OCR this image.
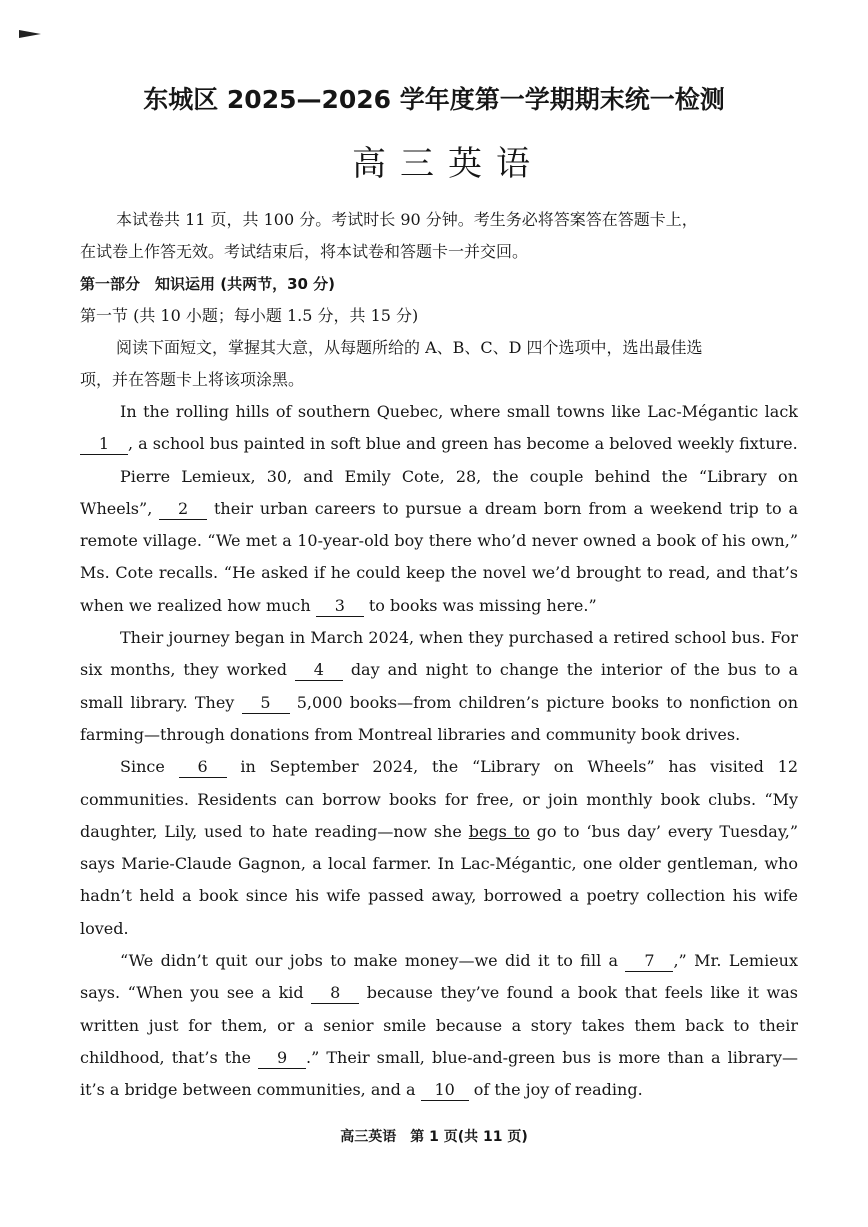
东城区 2025—2026 学年度第一学期期末统一检测
高三英语

本试卷共 11 页，共 100 分。考试时长 90 分钟。考生务必将答案答在答题卡上，

在试卷上作答无效。考试结束后，将本试卷和答题卡一并交回。

第一部分　知识运用 (共两节，30 分)

第一节 (共 10 小题；每小题 1.5 分，共 15 分)

阅读下面短文，掌握其大意，从每题所给的 A、B、C、D 四个选项中，选出最佳选

项，并在答题卡上将该项涂黑。

In the rolling hills of southern Quebec, where small towns like Lac-Mégantic lack 1 , a school bus painted in soft blue and green has become a beloved weekly fixture.

Pierre Lemieux, 30, and Emily Cote, 28, the couple behind the “Library on Wheels”, 2 their urban careers to pursue a dream born from a weekend trip to a remote village. “We met a 10-year-old boy there who’d never owned a book of his own,” Ms. Cote recalls. “He asked if he could keep the novel we’d brought to read, and that’s when we realized how much 3 to books was missing here.”

Their journey began in March 2024, when they purchased a retired school bus. For six months, they worked 4 day and night to change the interior of the bus to a small library. They 5 5,000 books—from children’s picture books to nonfiction on farming—through donations from Montreal libraries and community book drives.

Since 6 in September 2024, the “Library on Wheels” has visited 12 communities. Residents can borrow books for free, or join monthly book clubs. “My daughter, Lily, used to hate reading—now she begs to go to ‘bus day’ every Tuesday,” says Marie-Claude Gagnon, a local farmer. In Lac-Mégantic, one older gentleman, who hadn’t held a book since his wife passed away, borrowed a poetry collection his wife loved.

“We didn’t quit our jobs to make money—we did it to fill a 7 ,” Mr. Lemieux says. “When you see a kid 8 because they’ve found a book that feels like it was written just for them, or a senior smile because a story takes them back to their childhood, that’s the 9 .” Their small, blue-and-green bus is more than a library—it’s a bridge between communities, and a 10 of the joy of reading.

高三英语　第 1 页(共 11 页)
